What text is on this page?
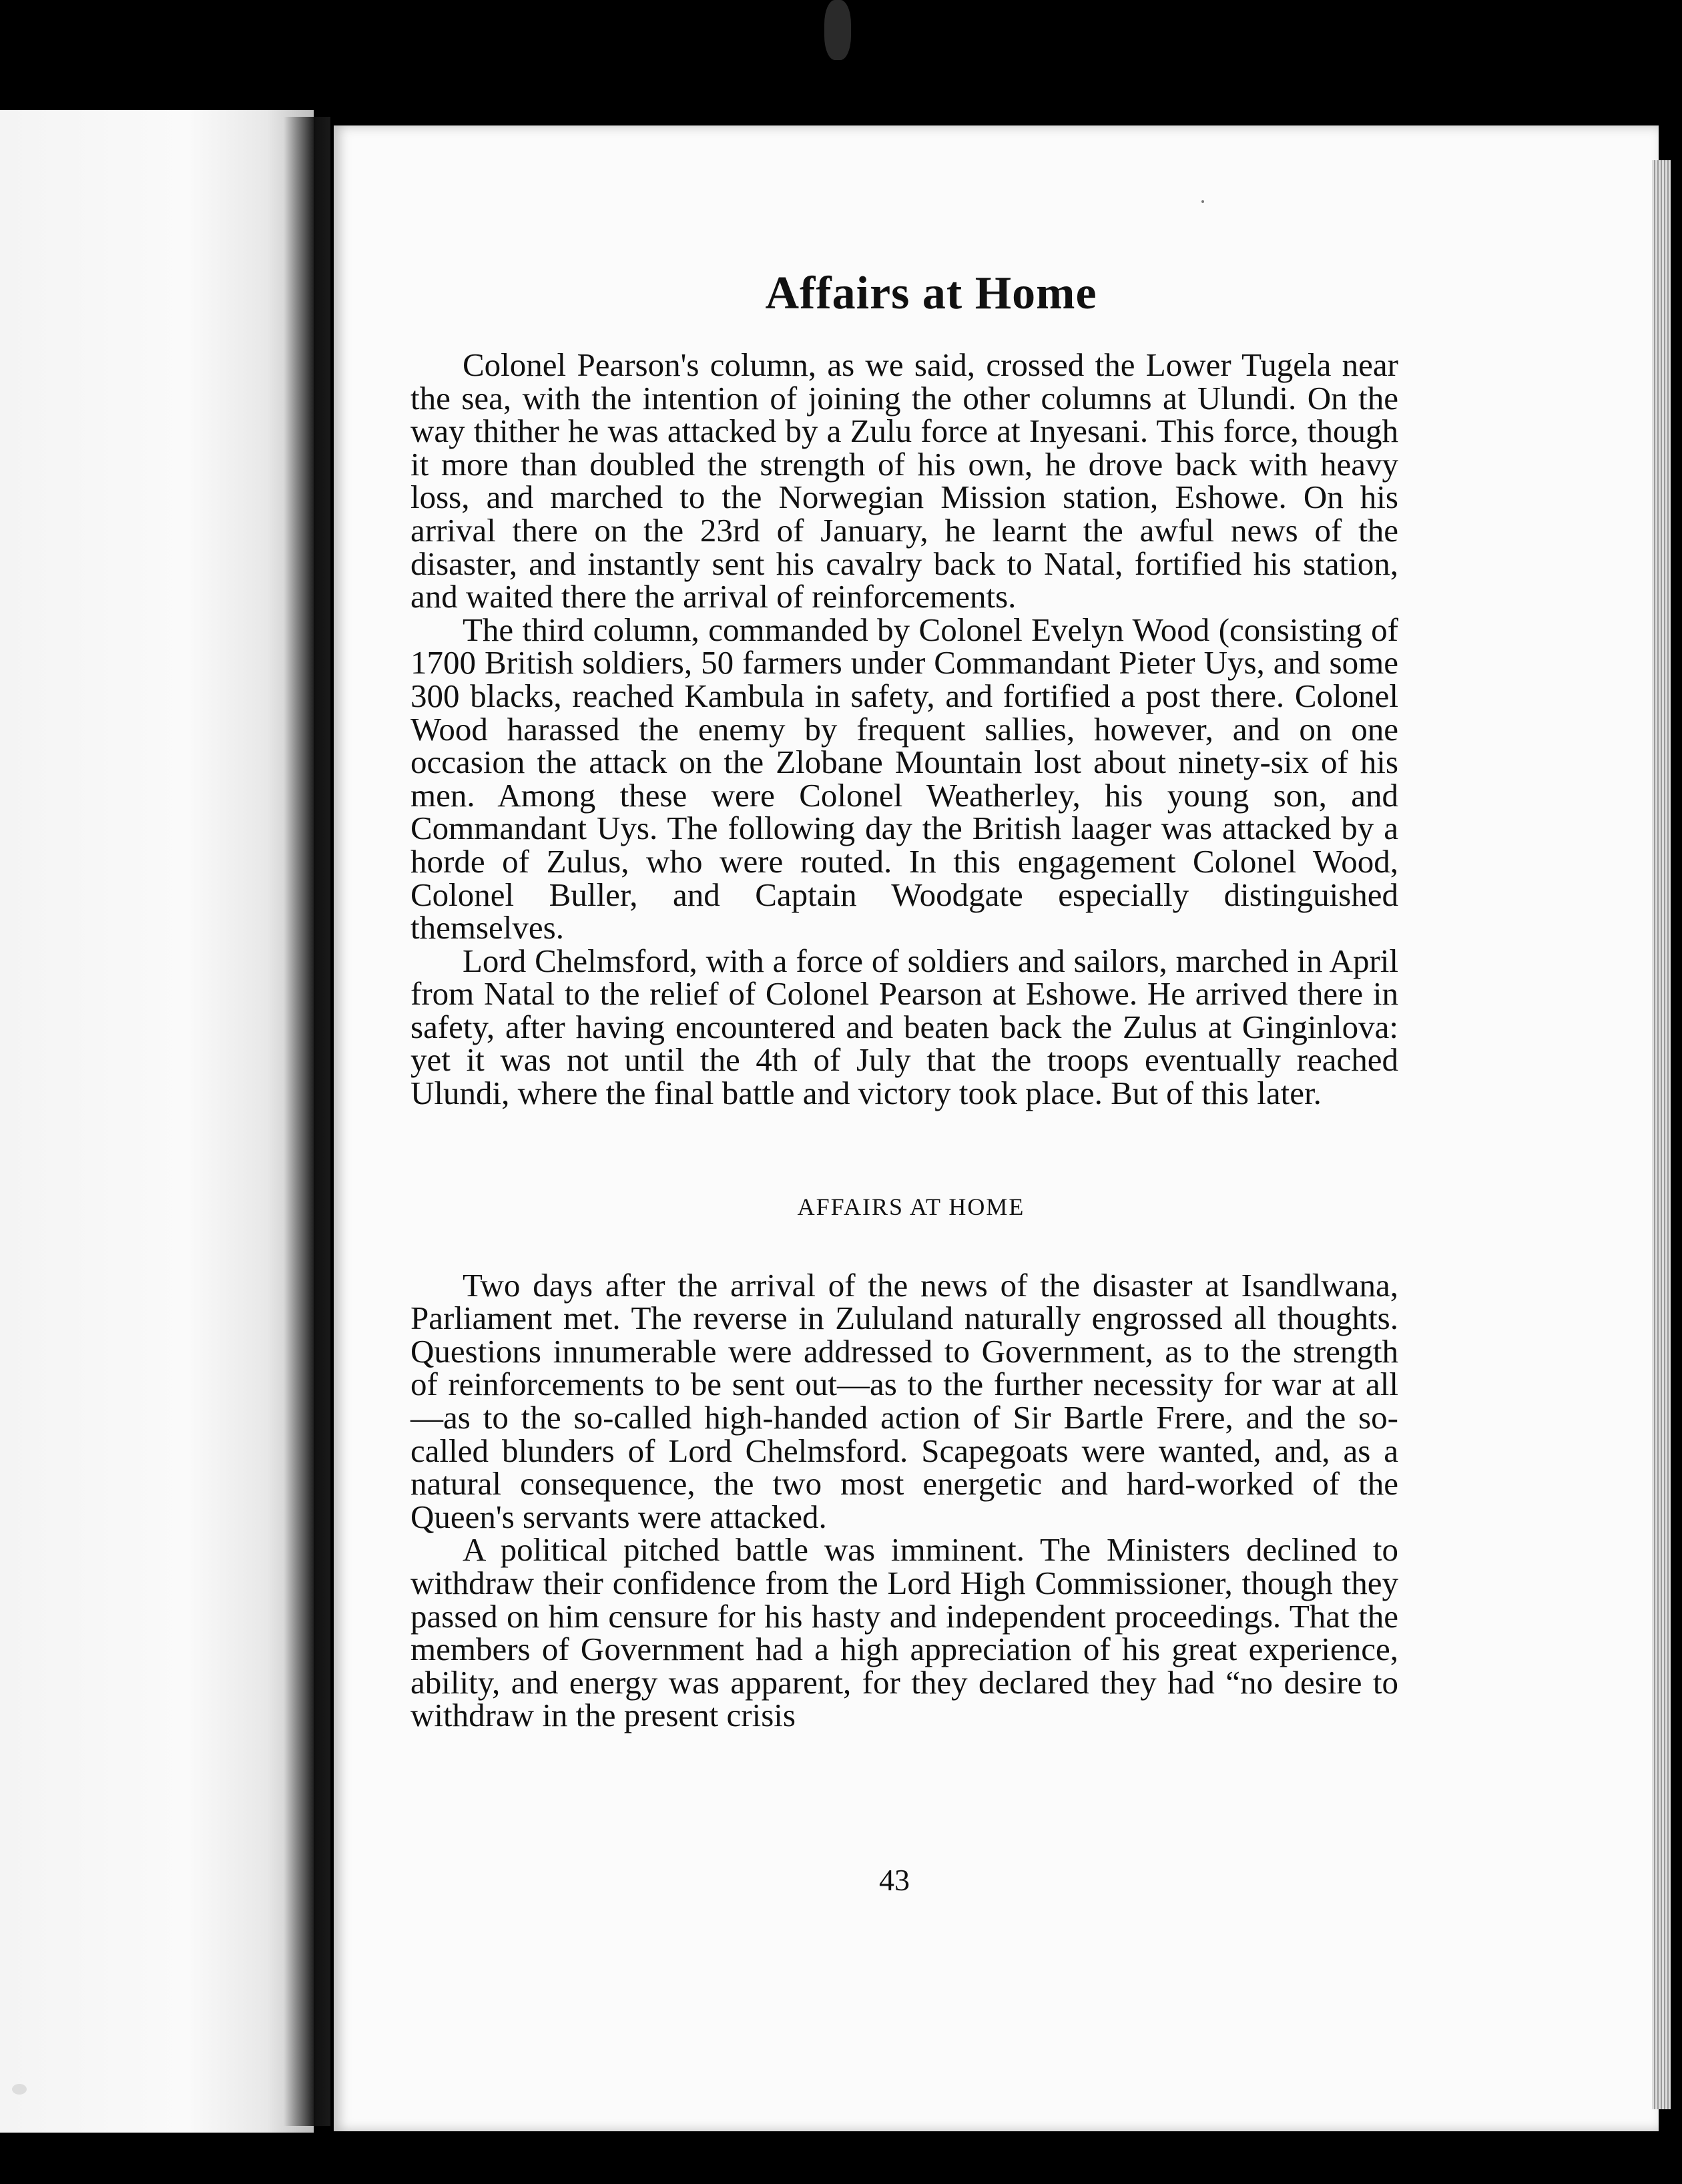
Affairs at Home

Colonel Pearson's column, as we said, crossed the Lower Tugela near the sea, with the intention of joining the other columns at Ulundi. On the way thither he was attacked by a Zulu force at Inyesani. This force, though it more than doubled the strength of his own, he drove back with heavy loss, and marched to the Norwegian Mission station, Eshowe. On his arrival there on the 23rd of January, he learnt the awful news of the disaster, and instantly sent his cavalry back to Natal, fortified his station, and waited there the arrival of reinforcements.

The third column, commanded by Colonel Evelyn Wood (consisting of 1700 British soldiers, 50 farmers under Commandant Pieter Uys, and some 300 blacks, reached Kambula in safety, and fortified a post there. Colonel Wood harassed the enemy by frequent sallies, however, and on one occasion the attack on the Zlobane Mountain lost about ninety-six of his men. Among these were Colonel Weatherley, his young son, and Commandant Uys. The following day the British laager was attacked by a horde of Zulus, who were routed. In this engagement Colonel Wood, Colonel Buller, and Captain Woodgate especially distinguished themselves.

Lord Chelmsford, with a force of soldiers and sailors, marched in April from Natal to the relief of Colonel Pearson at Eshowe. He arrived there in safety, after having encountered and beaten back the Zulus at Ginginlova: yet it was not until the 4th of July that the troops eventually reached Ulundi, where the final battle and victory took place. But of this later.

AFFAIRS AT HOME

Two days after the arrival of the news of the disaster at Isandlwana, Parliament met. The reverse in Zululand naturally engrossed all thoughts. Questions innumerable were addressed to Government, as to the strength of reinforcements to be sent out—as to the further necessity for war at all—as to the so-called high-handed action of Sir Bartle Frere, and the so-called blunders of Lord Chelmsford. Scapegoats were wanted, and, as a natural consequence, the two most energetic and hard-worked of the Queen's servants were attacked.

A political pitched battle was imminent. The Ministers declined to withdraw their confidence from the Lord High Commissioner, though they passed on him censure for his hasty and independent proceedings. That the members of Government had a high appreciation of his great experience, ability, and energy was apparent, for they declared they had “no desire to withdraw in the present crisis

43
